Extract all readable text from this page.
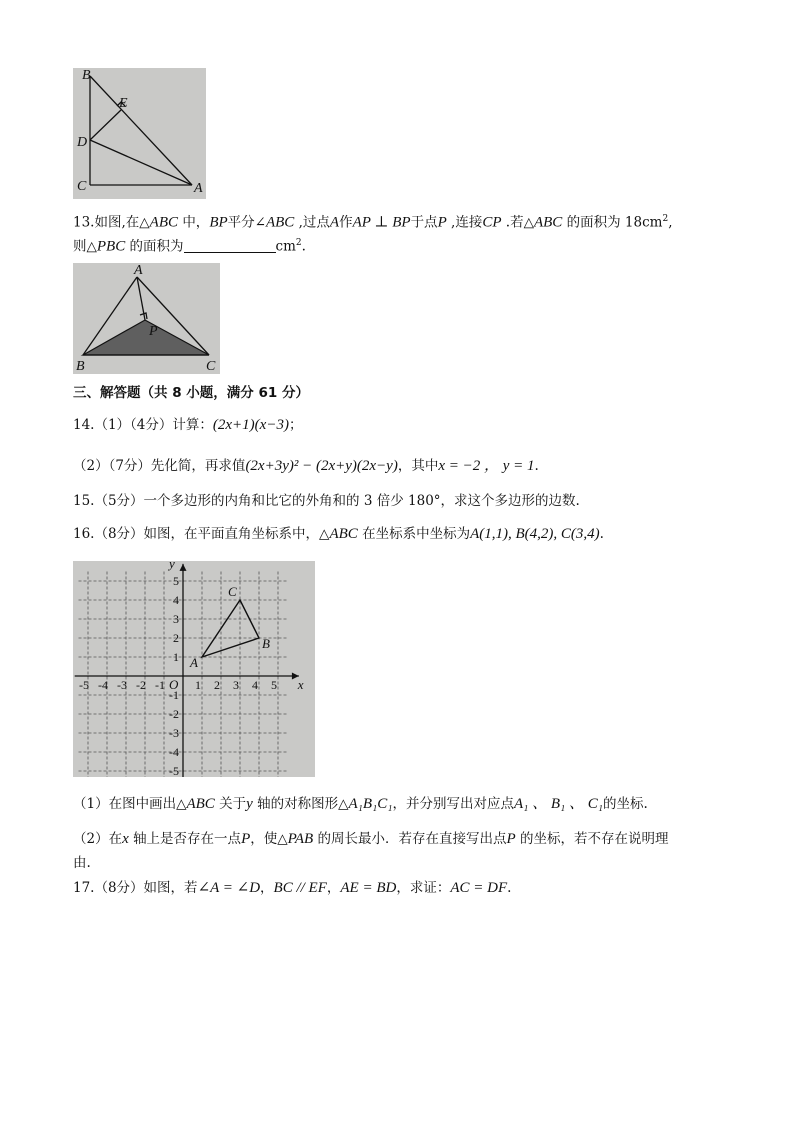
B
E
D
C	A
13.如图,在△ABC 中，BP平分∠ABC ,过点A作AP ⊥ BP于点P ,连接CP .若△ABC 的面积为 $18cm^2$,
则△PBC 的面积为	$cm^2$.
A
P
B	C
三、解答题（共 8 小题，满分 61 分）
14.（1）（4分）计算：(2x+1)(x−3)；
（2）（7分）先化简，再求值(2x+3y)² − (2x+y)(2x−y)，其中x = −2 ， y = 1.
15.（5分）一个多边形的内角和比它的外角和的 3 倍少 180°，求这个多边形的边数.
16.（8分）如图，在平面直角坐标系中，△ABC 在坐标系中坐标为A(1,1), B(4,2), C(3,4).
-5 -4 -3 -2 -1	1 2 3 4 5
5
4
3
2
1
-1
-2
-3
-4
-5
O	x
y
A
B
C
（1）在图中画出△ABC 关于y 轴的对称图形△A₁B₁C₁，并分别写出对应点A₁ 、 B₁ 、 C₁的坐标.
（2）在x 轴上是否存在一点P，使△PAB 的周长最小．若存在直接写出点P 的坐标，若不存在说明理
由.
17.（8分）如图，若∠A = ∠D，BC // EF，AE = BD，求证：AC = DF.
